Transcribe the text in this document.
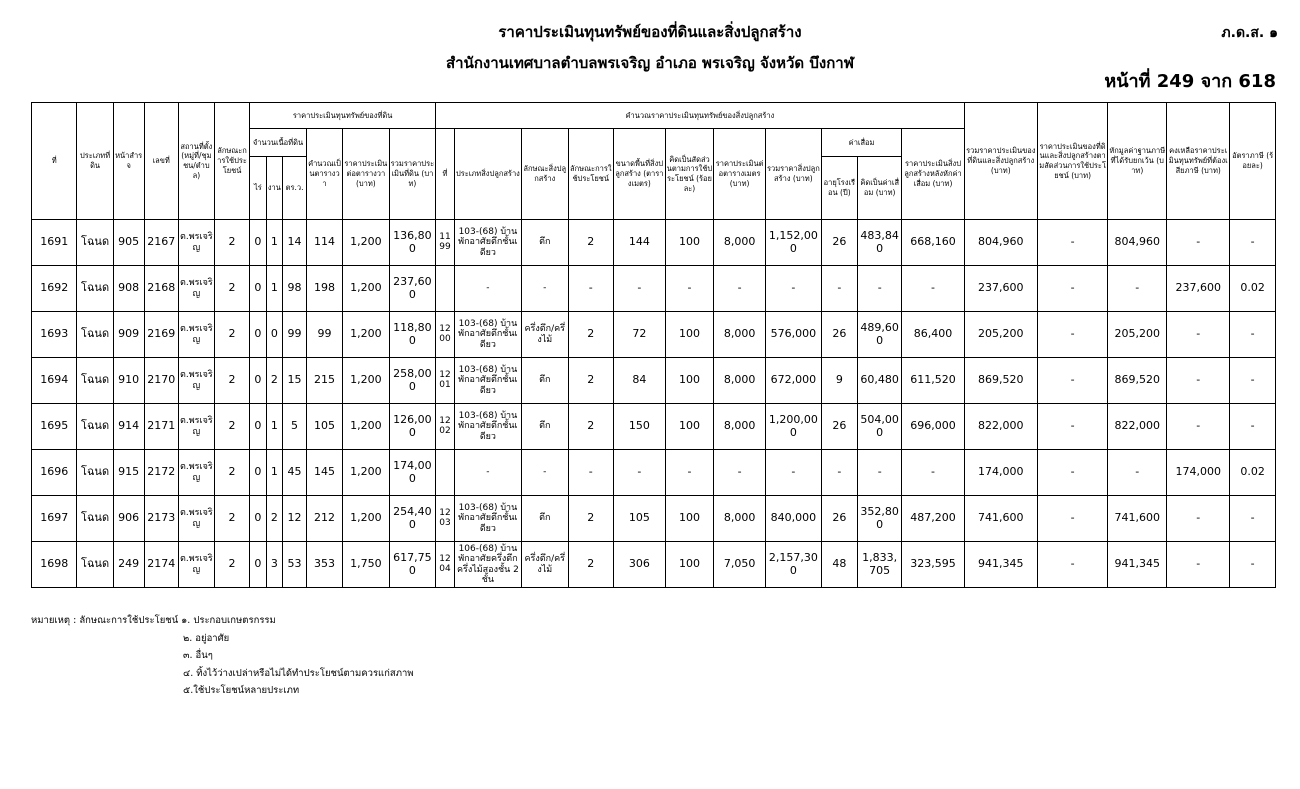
ราคาประเมินทุนทรัพย์ของที่ดินและสิ่งปลูกสร้าง
สำนักงานเทศบาลตำบลพรเจริญ อำเภอ พรเจริญ จังหวัด บึงกาฬ
ภ.ด.ส. ๑
หน้าที่ 249 จาก 618
ที่	ประเภทที่ดิน	หน้าสำรจ	เลขที่	สถานที่ตั้ง(หมู่ที่/ชุมชน/ตำบล)	ลักษณะการใช้ประโยชน์	ราคาประเมินทุนทรัพย์ของที่ดิน						คำนวณราคาประเมินทุนทรัพย์ของสิ่งปลูกสร้าง											รวมราคาประเมินของที่ดินและสิ่งปลูกสร้าง (บาท)	ราคาประเมินของที่ดินและสิ่งปลูกสร้างตามสัดส่วนการใช้ประโยชน์ (บาท)	หักมูลค่าฐานภาษีที่ได้รับยกเว้น (บาท)	คงเหลือราคาประเมินทุนทรัพย์ที่ต้องเสียภาษี (บาท)	อัตราภาษี (ร้อยละ)
						จำนวนเนื้อที่ดิน			คำนวณเป็นตารางวา	ราคาประเมินต่อตารางวา (บาท)	รวมราคาประเมินที่ดิน (บาท)	ที่	ประเภทสิ่งปลูกสร้าง	ลักษณะสิ่งปลูกสร้าง	ลักษณะการใช้ประโยชน์	ขนาดพื้นที่สิ่งปลูกสร้าง (ตารางเมตร)	คิดเป็นสัดส่วนตามการใช้ประโยชน์ (ร้อยละ)	ราคาประเมินต่อตารางเมตร (บาท)	รวมราคาสิ่งปลูกสร้าง (บาท)	ค่าเสื่อม		ราคาประเมินสิ่งปลูกสร้างหลังหักค่าเสื่อม (บาท)					
						ไร่	งาน	ตร.ว.												อายุโรงเรือน (ปี)	คิดเป็นค่าเสื่อม (บาท)						
1691	โฉนด	905	2167	ต.พรเจริญ	2	0	1	14	114	1,200	136,800	1199	103-(68) บ้านพักอาศัยตึกชั้นเดียว	ตึก	2	144	100	8,000	1,152,000	26	483,840	668,160	804,960	-	804,960	-	-
1692	โฉนด	908	2168	ต.พรเจริญ	2	0	1	98	198	1,200	237,600		-	-	-	-	-	-	-	-	-	-	237,600	-	-	237,600	0.02
1693	โฉนด	909	2169	ต.พรเจริญ	2	0	0	99	99	1,200	118,800	1200	103-(68) บ้านพักอาศัยตึกชั้นเดียว	ครึ่งตึก/ครึ่งไม้	2	72	100	8,000	576,000	26	489,600	86,400	205,200	-	205,200	-	-
1694	โฉนด	910	2170	ต.พรเจริญ	2	0	2	15	215	1,200	258,000	1201	103-(68) บ้านพักอาศัยตึกชั้นเดียว	ตึก	2	84	100	8,000	672,000	9	60,480	611,520	869,520	-	869,520	-	-
1695	โฉนด	914	2171	ต.พรเจริญ	2	0	1	5	105	1,200	126,000	1202	103-(68) บ้านพักอาศัยตึกชั้นเดียว	ตึก	2	150	100	8,000	1,200,000	26	504,000	696,000	822,000	-	822,000	-	-
1696	โฉนด	915	2172	ต.พรเจริญ	2	0	1	45	145	1,200	174,000		-	-	-	-	-	-	-	-	-	-	174,000	-	-	174,000	0.02
1697	โฉนด	906	2173	ต.พรเจริญ	2	0	2	12	212	1,200	254,400	1203	103-(68) บ้านพักอาศัยตึกชั้นเดียว	ตึก	2	105	100	8,000	840,000	26	352,800	487,200	741,600	-	741,600	-	-
1698	โฉนด	249	2174	ต.พรเจริญ	2	0	3	53	353	1,750	617,750	1204	106-(68) บ้านพักอาศัยครึ่งตึกครึ่งไม้สองชั้น 2ชั้น	ครึ่งตึก/ครึ่งไม้	2	306	100	7,050	2,157,300	48	1,833,705	323,595	941,345	-	941,345	-	-
หมายเหตุ : ลักษณะการใช้ประโยชน์ ๑. ประกอบเกษตรกรรม
๒. อยู่อาศัย
๓. อื่นๆ
๔. ทิ้งไว้ว่างเปล่าหรือไม่ได้ทำประโยชน์ตามควรแก่สภาพ
๕.ใช้ประโยชน์หลายประเภท
